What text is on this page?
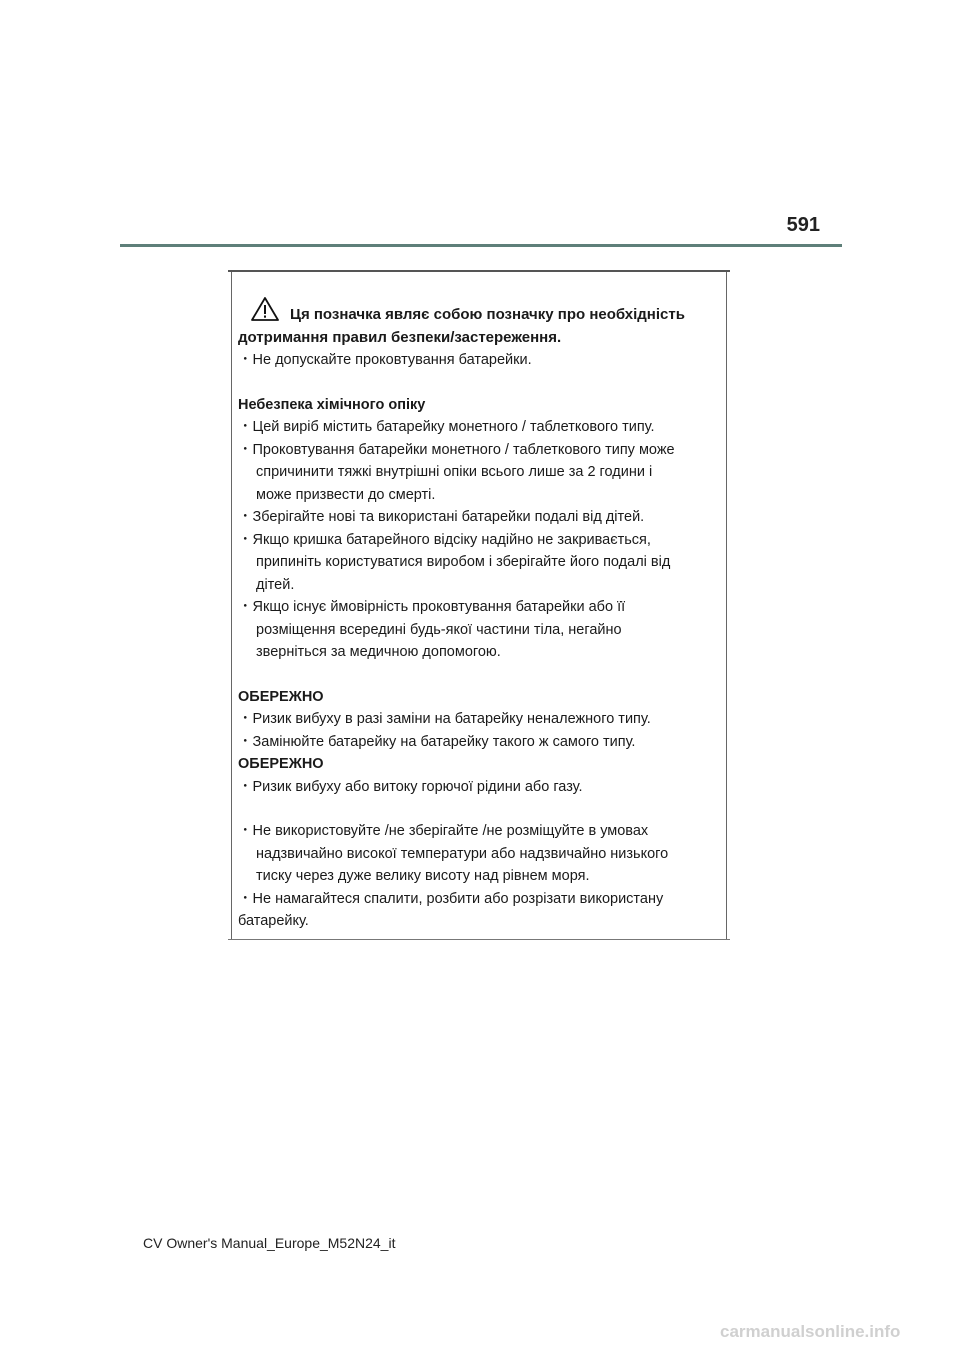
591
Ця позначка являє собою позначку про необхідність
дотримання правил безпеки/застереження.
・Не допускайте проковтування батарейки.
Небезпека хімічного опіку
・Цей виріб містить батарейку монетного / таблеткового типу.
・Проковтування батарейки монетного / таблеткового типу може
спричинити тяжкі внутрішні опіки всього лише за 2 години і
може призвести до смерті.
・Зберігайте нові та використані батарейки подалі від дітей.
・Якщо кришка батарейного відсіку надійно не закривається,
припиніть користуватися виробом і зберігайте його подалі від
дітей.
・Якщо існує ймовірність проковтування батарейки або її
розміщення всередині будь-якої частини тіла, негайно
зверніться за медичною допомогою.
ОБЕРЕЖНО
・Ризик вибуху в разі заміни на батарейку неналежного типу.
・Замінюйте батарейку на батарейку такого ж самого типу.
ОБЕРЕЖНО
・Ризик вибуху або витоку горючої рідини або газу.
・Не використовуйте /не зберігайте /не розміщуйте в умовах
надзвичайно високої температури або надзвичайно низького
тиску через дуже велику висоту над рівнем моря.
・Не намагайтеся спалити, розбити або розрізати використану
батарейку.
CV Owner's Manual_Europe_M52N24_it
carmanualsonline.info
